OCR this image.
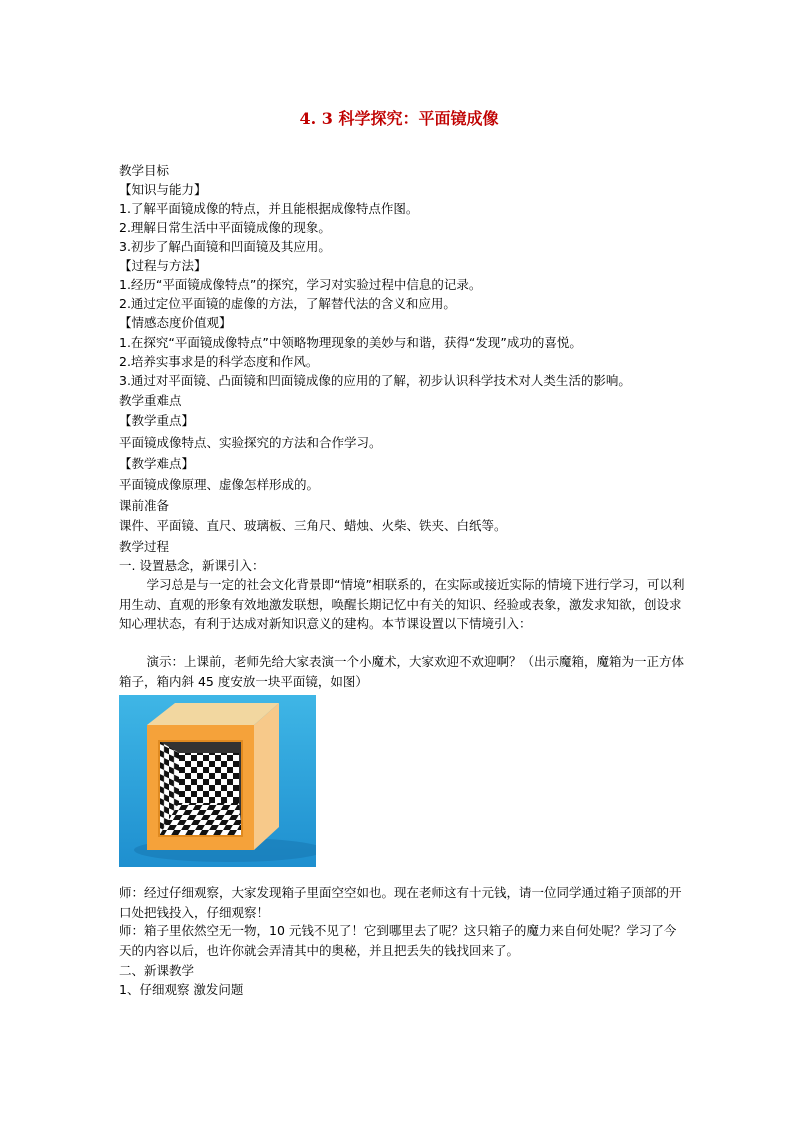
4. 3 科学探究：平面镜成像
教学目标
【知识与能力】
1.了解平面镜成像的特点，并且能根据成像特点作图。
2.理解日常生活中平面镜成像的现象。
3.初步了解凸面镜和凹面镜及其应用。
【过程与方法】
1.经历“平面镜成像特点”的探究，学习对实验过程中信息的记录。
2.通过定位平面镜的虚像的方法，了解替代法的含义和应用。
【情感态度价值观】
1.在探究“平面镜成像特点”中领略物理现象的美妙与和谐，获得“发现”成功的喜悦。
2.培养实事求是的科学态度和作风。
3.通过对平面镜、凸面镜和凹面镜成像的应用的了解，初步认识科学技术对人类生活的影响。
教学重难点
【教学重点】
平面镜成像特点、实验探究的方法和合作学习。
【教学难点】
平面镜成像原理、虚像怎样形成的。
课前准备
课件、平面镜、直尺、玻璃板、三角尺、蜡烛、火柴、铁夹、白纸等。
教学过程
一. 设置悬念，新课引入：
学习总是与一定的社会文化背景即“情境”相联系的，在实际或接近实际的情境下进行学习，可以利用生动、直观的形象有效地激发联想，唤醒长期记忆中有关的知识、经验或表象，激发求知欲，创设求知心理状态，有利于达成对新知识意义的建构。本节课设置以下情境引入：
演示：上课前，老师先给大家表演一个小魔术，大家欢迎不欢迎啊？（出示魔箱，魔箱为一正方体箱子，箱内斜 45 度安放一块平面镜，如图）
师：经过仔细观察，大家发现箱子里面空空如也。现在老师这有十元钱，请一位同学通过箱子顶部的开口处把钱投入，仔细观察！
师：箱子里依然空无一物，10 元钱不见了！它到哪里去了呢？这只箱子的魔力来自何处呢？学习了今天的内容以后，也许你就会弄清其中的奥秘，并且把丢失的钱找回来了。
二、新课教学
1、仔细观察 激发问题
